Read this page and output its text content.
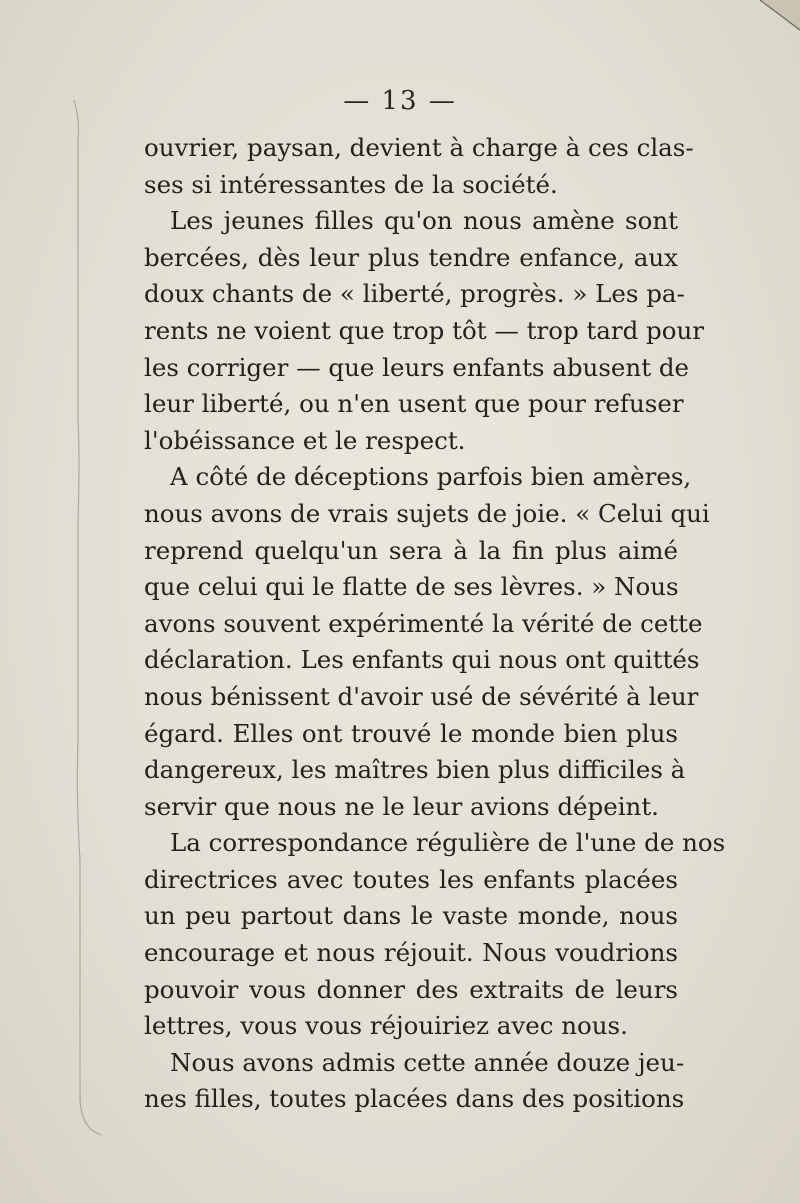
— 13 —
ouvrier, paysan, devient à charge à ces clas-
ses si intéressantes de la société.
Les jeunes filles qu'on nous amène sont
bercées, dès leur plus tendre enfance, aux
doux chants de « liberté, progrès. » Les pa-
rents ne voient que trop tôt — trop tard pour
les corriger — que leurs enfants abusent de
leur liberté, ou n'en usent que pour refuser
l'obéissance et le respect.
A côté de déceptions parfois bien amères,
nous avons de vrais sujets de joie. « Celui qui
reprend quelqu'un sera à la fin plus aimé
que celui qui le flatte de ses lèvres. » Nous
avons souvent expérimenté la vérité de cette
déclaration. Les enfants qui nous ont quittés
nous bénissent d'avoir usé de sévérité à leur
égard. Elles ont trouvé le monde bien plus
dangereux, les maîtres bien plus difficiles à
servir que nous ne le leur avions dépeint.
La correspondance régulière de l'une de nos
directrices avec toutes les enfants placées
un peu partout dans le vaste monde, nous
encourage et nous réjouit. Nous voudrions
pouvoir vous donner des extraits de leurs
lettres, vous vous réjouiriez avec nous.
Nous avons admis cette année douze jeu-
nes filles, toutes placées dans des positions
